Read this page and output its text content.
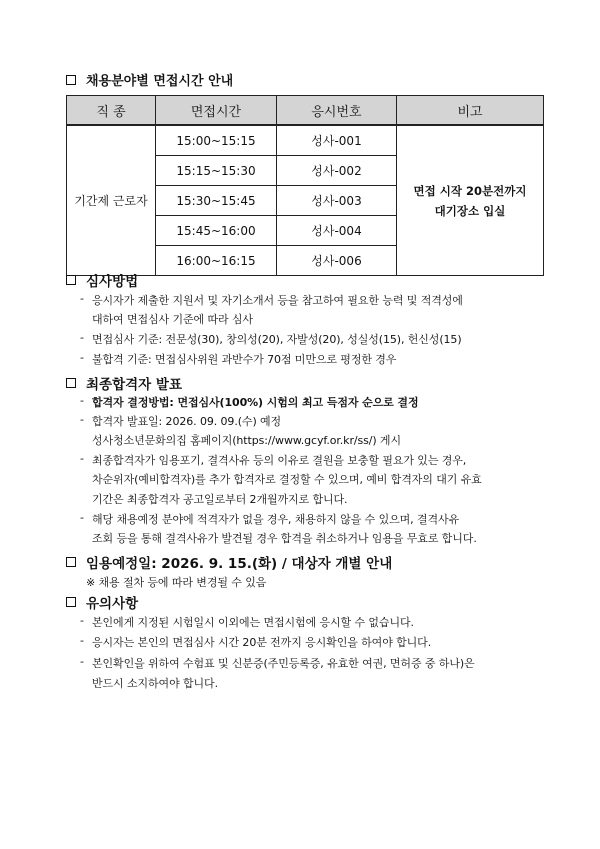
채용분야별 면접시간 안내
직 종	면접시간	응시번호	비고
기간제 근로자	15:00~15:15	성사-001	면접 시작 20분전까지
대기장소 입실

	15:15~15:30	성사-002	
	15:30~15:45	성사-003	
	15:45~16:00	성사-004	
	16:00~16:15	성사-006	
심사방법
- 응시자가 제출한 지원서 및 자기소개서 등을 참고하여 필요한 능력 및 적격성에
대하여 면접심사 기준에 따라 심사
- 면접심사 기준: 전문성(30), 창의성(20), 자발성(20), 성실성(15), 헌신성(15)
- 불합격 기준: 면접심사위원 과반수가 70점 미만으로 평정한 경우
최종합격자 발표
- 합격자 결정방법: 면접심사(100%) 시험의 최고 득점자 순으로 결정
- 합격자 발표일: 2026. 09. 09.(수) 예정
성사청소년문화의집 홈페이지(https://www.gcyf.or.kr/ss/) 게시
- 최종합격자가 임용포기, 결격사유 등의 이유로 결원을 보충할 필요가 있는 경우,
차순위자(예비합격자)를 추가 합격자로 결정할 수 있으며, 예비 합격자의 대기 유효
기간은 최종합격자 공고일로부터 2개월까지로 합니다.
- 해당 채용예정 분야에 적격자가 없을 경우, 채용하지 않을 수 있으며, 결격사유
조회 등을 통해 결격사유가 발견될 경우 합격을 취소하거나 임용을 무효로 합니다.
임용예정일: 2026. 9. 15.(화) / 대상자 개별 안내
※ 채용 절차 등에 따라 변경될 수 있음
유의사항
- 본인에게 지정된 시험일시 이외에는 면접시험에 응시할 수 없습니다.
- 응시자는 본인의 면접심사 시간 20분 전까지 응시확인을 하여야 합니다.
- 본인확인을 위하여 수험표 및 신분증(주민등록증, 유효한 여권, 면허증 중 하나)은
반드시 소지하여야 합니다.
